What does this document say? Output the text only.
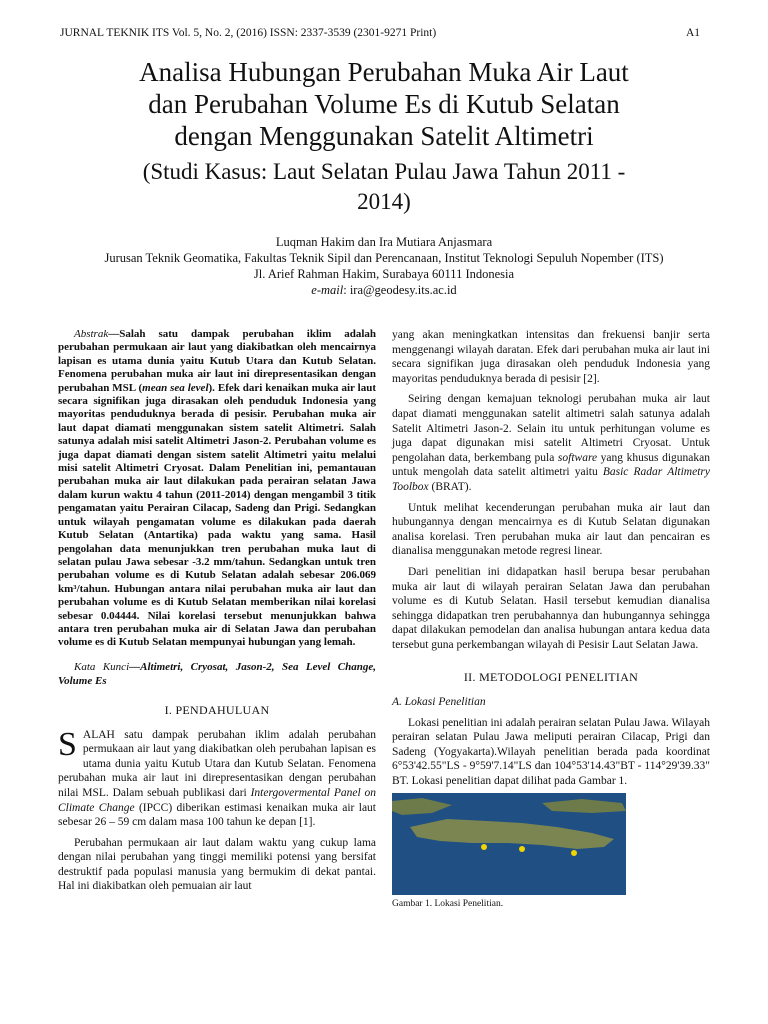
JURNAL TEKNIK ITS Vol. 5, No. 2, (2016) ISSN: 2337-3539 (2301-9271 Print)	A1
Analisa Hubungan Perubahan Muka Air Laut
dan Perubahan Volume Es di Kutub Selatan
dengan Menggunakan Satelit Altimetri
(Studi Kasus: Laut Selatan Pulau Jawa Tahun 2011 -
2014)
Luqman Hakim dan Ira Mutiara Anjasmara
Jurusan Teknik Geomatika, Fakultas Teknik Sipil dan Perencanaan, Institut Teknologi Sepuluh Nopember (ITS)
Jl. Arief Rahman Hakim, Surabaya 60111 Indonesia
e-mail: ira@geodesy.its.ac.id
Abstrak—Salah satu dampak perubahan iklim adalah perubahan permukaan air laut yang diakibatkan oleh mencairnya lapisan es utama dunia yaitu Kutub Utara dan Kutub Selatan. Fenomena perubahan muka air laut ini direpresentasikan dengan perubahan MSL (mean sea level). Efek dari kenaikan muka air laut secara signifikan juga dirasakan oleh penduduk Indonesia yang mayoritas penduduknya berada di pesisir. Perubahan muka air laut dapat diamati menggunakan sistem satelit Altimetri. Salah satunya adalah misi satelit Altimetri Jason-2. Perubahan volume es juga dapat diamati dengan sistem satelit Altimetri yaitu melalui misi satelit Altimetri Cryosat. Dalam Penelitian ini, pemantauan perubahan muka air laut dilakukan pada perairan selatan Jawa dalam kurun waktu 4 tahun (2011-2014) dengan mengambil 3 titik pengamatan yaitu Perairan Cilacap, Sadeng dan Prigi. Sedangkan untuk wilayah pengamatan volume es dilakukan pada daerah Kutub Selatan (Antartika) pada waktu yang sama. Hasil pengolahan data menunjukkan tren perubahan muka laut di selatan pulau Jawa sebesar -3.2 mm/tahun. Sedangkan untuk tren perubahan volume es di Kutub Selatan adalah sebesar 206.069 km³/tahun. Hubungan antara nilai perubahan muka air laut dan perubahan volume es di Kutub Selatan memberikan nilai korelasi sebesar 0.04444. Nilai korelasi tersebut menunjukkan bahwa antara tren perubahan muka air di Selatan Jawa dan perubahan volume es di Kutub Selatan mempunyai hubungan yang lemah.
Kata Kunci—Altimetri, Cryosat, Jason-2, Sea Level Change, Volume Es
I. PENDAHULUAN

SALAH satu dampak perubahan iklim adalah perubahan permukaan air laut yang diakibatkan oleh perubahan lapisan es utama dunia yaitu Kutub Utara dan Kutub Selatan. Fenomena perubahan muka air laut ini direpresentasikan dengan perubahan nilai MSL. Dalam sebuah publikasi dari Intergovermental Panel on Climate Change (IPCC) diberikan estimasi kenaikan muka air laut sebesar 26 – 59 cm dalam masa 100 tahun ke depan [1].

Perubahan permukaan air laut dalam waktu yang cukup lama dengan nilai perubahan yang tinggi memiliki potensi yang bersifat destruktif pada populasi manusia yang bermukim di dekat pantai. Hal ini diakibatkan oleh pemuaian air laut

yang akan meningkatkan intensitas dan frekuensi banjir serta menggenangi wilayah daratan. Efek dari perubahan muka air laut ini secara signifikan juga dirasakan oleh penduduk Indonesia yang mayoritas penduduknya berada di pesisir [2].

Seiring dengan kemajuan teknologi perubahan muka air laut dapat diamati menggunakan satelit altimetri salah satunya adalah Satelit Altimetri Jason-2. Selain itu untuk perhitungan volume es juga dapat digunakan misi satelit Altimetri Cryosat. Untuk pengolahan data, berkembang pula software yang khusus digunakan untuk mengolah data satelit altimetri yaitu Basic Radar Altimetry Toolbox (BRAT).

Untuk melihat kecenderungan perubahan muka air laut dan hubungannya dengan mencairnya es di Kutub Selatan digunakan analisa korelasi. Tren perubahan muka air laut dan pencairan es dianalisa menggunakan metode regresi linear.

Dari penelitian ini didapatkan hasil berupa besar perubahan muka air laut di wilayah perairan Selatan Jawa dan perubahan volume es di Kutub Selatan. Hasil tersebut kemudian dianalisa sehingga didapatkan tren perubahannya dan hubungannya sehingga dapat dilakukan pemodelan dan analisa hubungan antara kedua data tersebut guna perkembangan wilayah di Pesisir Laut Selatan Jawa.

II. METODOLOGI PENELITIAN
A. Lokasi Penelitian

Lokasi penelitian ini adalah perairan selatan Pulau Jawa. Wilayah perairan selatan Pulau Jawa meliputi perairan Cilacap, Prigi dan Sadeng (Yogyakarta).Wilayah penelitian berada pada koordinat 6°53'42.55"LS - 9°59'7.14"LS dan 104°53'14.43"BT - 114°29'39.33" BT. Lokasi penelitian dapat dilihat pada Gambar 1.

Gambar 1. Lokasi Penelitian.
